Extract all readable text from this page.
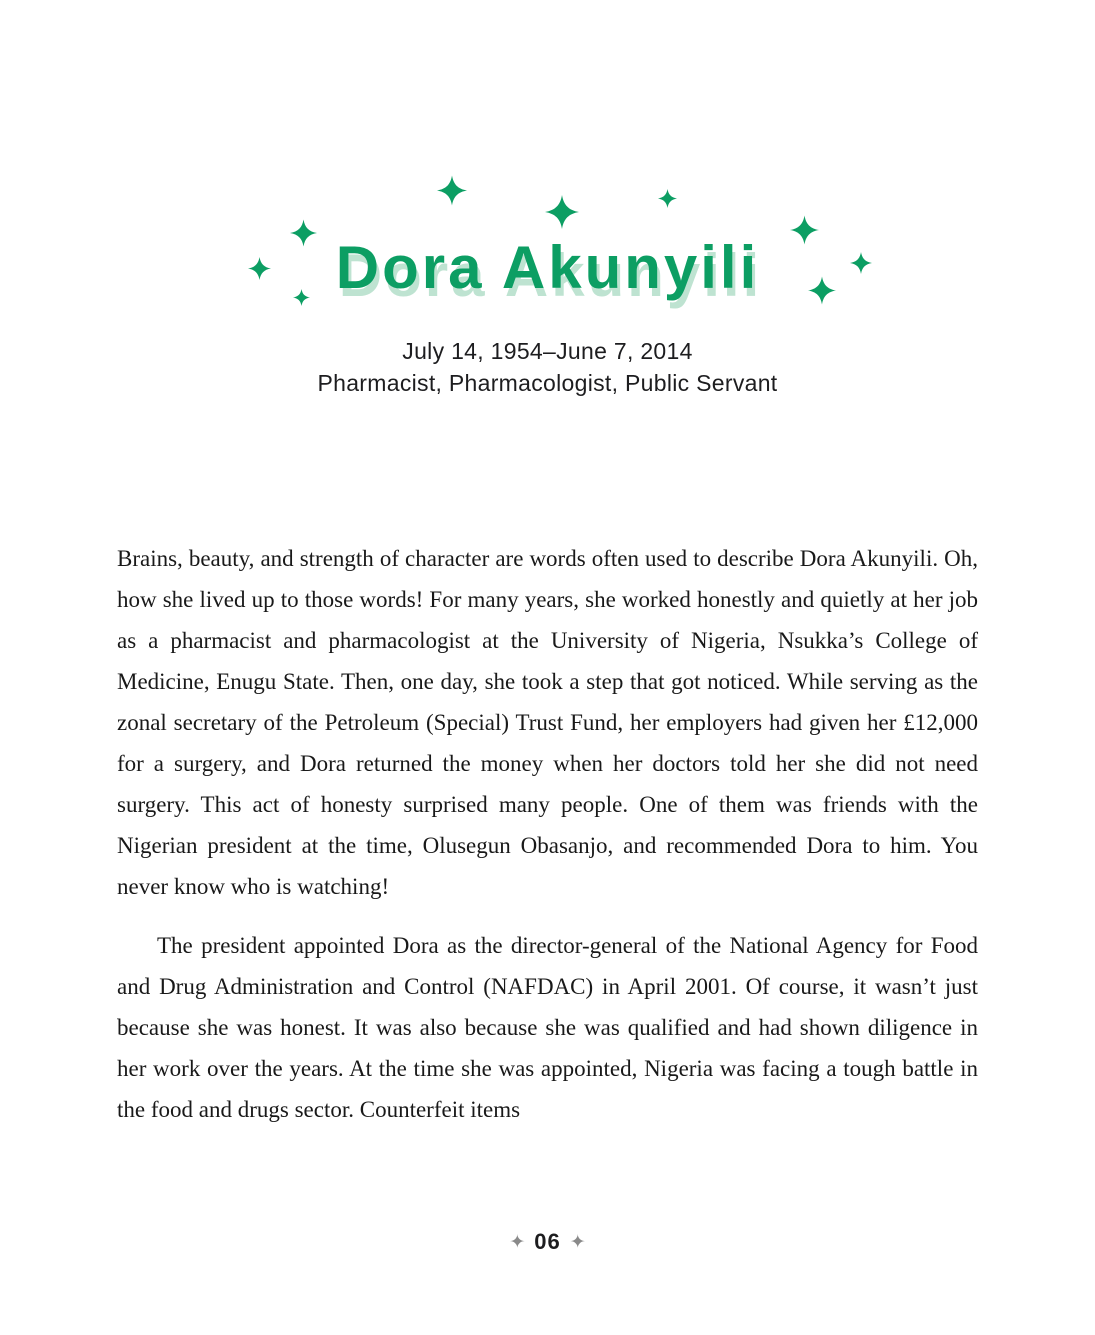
Dora Akunyili

July 14, 1954–June 7, 2014

Pharmacist, Pharmacologist, Public Servant

Brains, beauty, and strength of character are words often used to describe Dora Akunyili. Oh, how she lived up to those words! For many years, she worked honestly and quietly at her job as a pharmacist and pharmacologist at the University of Nigeria, Nsukka’s College of Medicine, Enugu State. Then, one day, she took a step that got noticed. While serving as the zonal secretary of the Petroleum (Special) Trust Fund, her employers had given her £12,000 for a surgery, and Dora returned the money when her doctors told her she did not need surgery. This act of honesty surprised many people. One of them was friends with the Nigerian president at the time, Olusegun Obasanjo, and recommended Dora to him. You never know who is watching!

The president appointed Dora as the director-general of the National Agency for Food and Drug Administration and Control (NAFDAC) in April 2001. Of course, it wasn’t just because she was honest. It was also because she was qualified and had shown diligence in her work over the years. At the time she was appointed, Nigeria was facing a tough battle in the food and drugs sector. Counterfeit items

✦ 06 ✦
